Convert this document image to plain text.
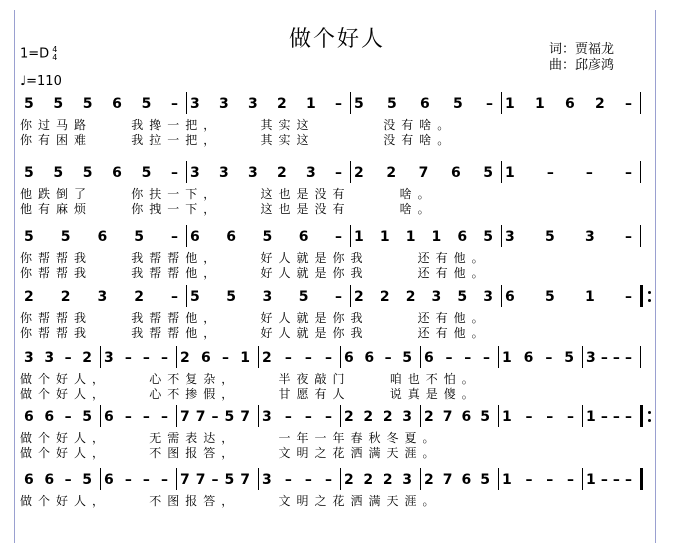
做个好人
1=D 4
4
♩=110
词：贾福龙
曲：邱彦鸿
5 5 5 6 5 – 3 3 3 2 1 – 5 5 6 5 – 1 1 6 2 –
你过马路    我搀一把，    其实这       没有啥。
你有困难    我拉一把，    其实这       没有啥。
5 5 5 6 5 – 3 3 3 2 3 – 2 2 7 6 5 1 – – –
他跌倒了    你扶一下，    这也是没有     啥。
他有麻烦    你拽一下，    这也是没有     啥。
5 5 6 5 – 6 6 5 6 – 1 1 1 1 6 5 3 5 3 –
你帮帮我    我帮帮他，    好人就是你我     还有他。
你帮帮我    我帮帮他，    好人就是你我     还有他。
2 2 3 2 – 5 5 3 5 – 2 2 2 3 5 3 6 5 1 –
你帮帮我    我帮帮他，    好人就是你我     还有他。
你帮帮我    我帮帮他，    好人就是你我     还有他。
3 3 – 2 3 – – – 2 6 – 1 2 – – – 6 6 – 5 6 – – – 1 6 – 5 3 – – –
做个好人，    心不复杂，    半夜敲门    咱也不怕。
做个好人，    心不掺假，    甘愿有人    说真是傻。
6 6 – 5 6 – – – 7 7 – 5 7 3 – – – 2 2 2 3 2 7 6 5 1 – – – 1 – – –
做个好人，    无需表达，    一年一年春秋冬夏。
做个好人，    不图报答，    文明之花洒满天涯。
6 6 – 5 6 – – – 7 7 – 5 7 3 – – – 2 2 2 3 2 7 6 5 1 – – – 1 – – –
做个好人，    不图报答，    文明之花洒满天涯。
